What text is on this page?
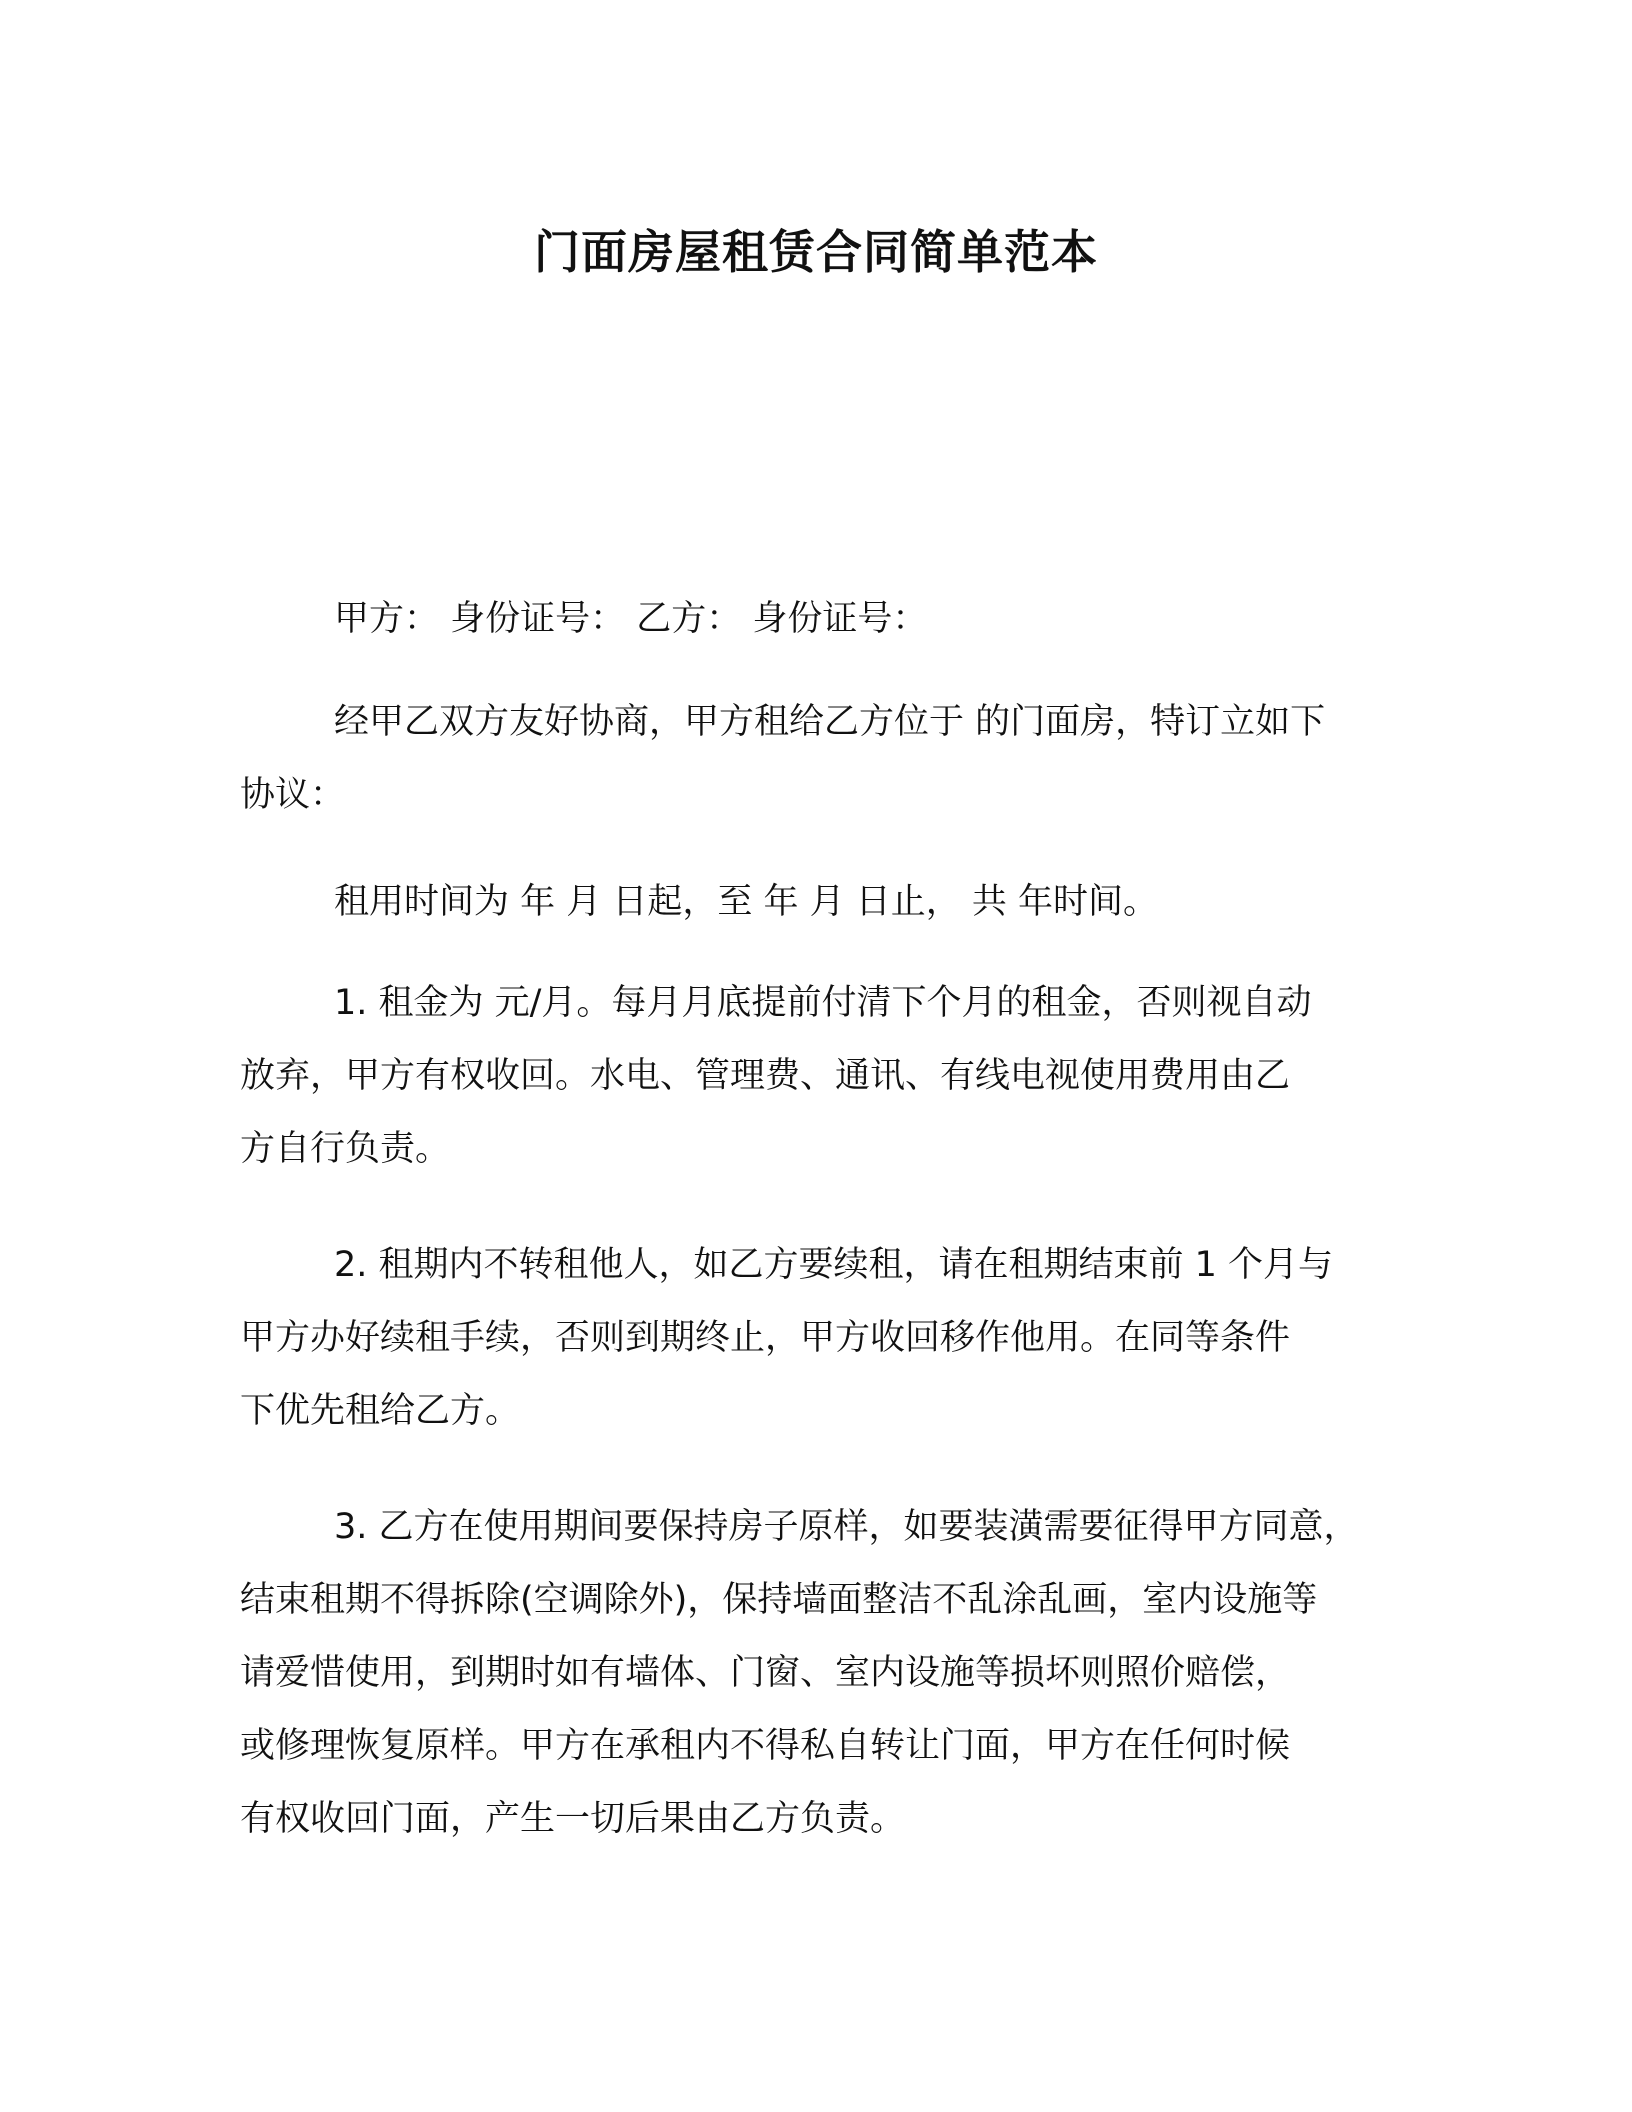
门面房屋租赁合同简单范本
甲方： 身份证号： 乙方： 身份证号：
经甲乙双方友好协商，甲方租给乙方位于 的门面房，特订立如下
协议：
租用时间为 年 月 日起，至 年 月 日止， 共 年时间。
1. 租金为 元/月。每月月底提前付清下个月的租金，否则视自动
放弃，甲方有权收回。水电、管理费、通讯、有线电视使用费用由乙
方自行负责。
2. 租期内不转租他人，如乙方要续租，请在租期结束前 1 个月与
甲方办好续租手续，否则到期终止，甲方收回移作他用。在同等条件
下优先租给乙方。
3. 乙方在使用期间要保持房子原样，如要装潢需要征得甲方同意，
结束租期不得拆除(空调除外)，保持墙面整洁不乱涂乱画，室内设施等
请爱惜使用，到期时如有墙体、门窗、室内设施等损坏则照价赔偿，
或修理恢复原样。甲方在承租内不得私自转让门面，甲方在任何时候
有权收回门面，产生一切后果由乙方负责。
